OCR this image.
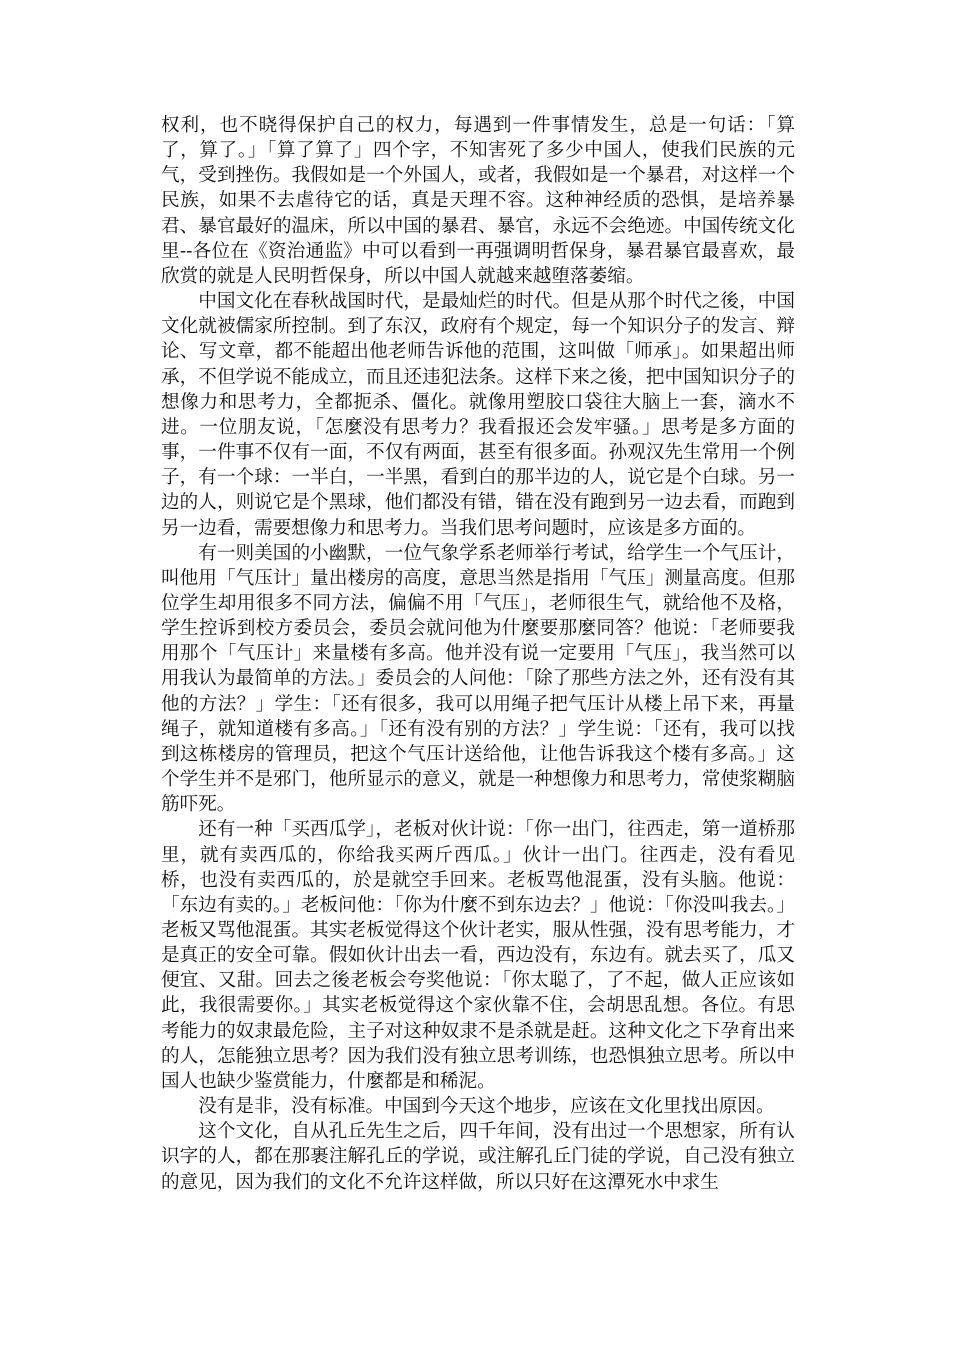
权利，也不晓得保护自己的权力，每遇到一件事情发生，总是一句话：「算了，算了。」「算了算了」四个字，不知害死了多少中国人，使我们民族的元气，受到挫伤。我假如是一个外国人，或者，我假如是一个暴君，对这样一个民族，如果不去虐待它的话，真是天理不容。这种神经质的恐惧，是培养暴君、暴官最好的温床，所以中国的暴君、暴官，永远不会绝迹。中国传统文化里--各位在《资治通监》中可以看到一再强调明哲保身，暴君暴官最喜欢，最欣赏的就是人民明哲保身，所以中国人就越来越堕落萎缩。

中国文化在春秋战国时代，是最灿烂的时代。但是从那个时代之後，中国文化就被儒家所控制。到了东汉，政府有个规定，每一个知识分子的发言、辩论、写文章，都不能超出他老师告诉他的范围，这叫做「师承」。如果超出师承，不但学说不能成立，而且还违犯法条。这样下来之後，把中国知识分子的想像力和思考力，全都扼杀、僵化。就像用塑胶口袋往大脑上一套，滴水不进。一位朋友说，「怎麼没有思考力？我看报还会发牢骚。」思考是多方面的事，一件事不仅有一面，不仅有两面，甚至有很多面。孙观汉先生常用一个例子，有一个球：一半白，一半黑，看到白的那半边的人，说它是个白球。另一边的人，则说它是个黑球，他们都没有错，错在没有跑到另一边去看，而跑到另一边看，需要想像力和思考力。当我们思考问题时，应该是多方面的。

有一则美国的小幽默，一位气象学系老师举行考试，给学生一个气压计，叫他用「气压计」量出楼房的高度，意思当然是指用「气压」测量高度。但那位学生却用很多不同方法，偏偏不用「气压」，老师很生气，就给他不及格，学生控诉到校方委员会，委员会就问他为什麼要那麼同答？他说：「老师要我用那个「气压计」来量楼有多高。他并没有说一定要用「气压」，我当然可以用我认为最简单的方法。」委员会的人问他：「除了那些方法之外，还有没有其他的方法？」学生：「还有很多，我可以用绳子把气压计从楼上吊下来，再量绳子，就知道楼有多高。」「还有没有别的方法？」学生说：「还有，我可以找到这栋楼房的管理员，把这个气压计送给他，让他告诉我这个楼有多高。」这个学生并不是邪门，他所显示的意义，就是一种想像力和思考力，常使浆糊脑筋吓死。

还有一种「买西瓜学」，老板对伙计说：「你一出门，往西走，第一道桥那里，就有卖西瓜的，你给我买两斤西瓜。」伙计一出门。往西走，没有看见桥，也没有卖西瓜的，於是就空手回来。老板骂他混蛋，没有头脑。他说：「东边有卖的。」老板问他：「你为什麼不到东边去？」他说：「你没叫我去。」老板又骂他混蛋。其实老板觉得这个伙计老实，服从性强，没有思考能力，才是真正的安全可靠。假如伙计出去一看，西边没有，东边有。就去买了，瓜又便宜、又甜。回去之後老板会夸奖他说：「你太聪了，了不起，做人正应该如此，我很需要你。」其实老板觉得这个家伙靠不住，会胡思乱想。各位。有思考能力的奴隶最危险，主子对这种奴隶不是杀就是赶。这种文化之下孕育出来的人，怎能独立思考？因为我们没有独立思考训练，也恐惧独立思考。所以中国人也缺少鉴赏能力，什麼都是和稀泥。

没有是非，没有标准。中国到今天这个地步，应该在文化里找出原因。

这个文化，自从孔丘先生之后，四千年间，没有出过一个思想家，所有认识字的人，都在那裹注解孔丘的学说，或注解孔丘门徒的学说，自己没有独立的意见，因为我们的文化不允许这样做，所以只好在这潭死水中求生
